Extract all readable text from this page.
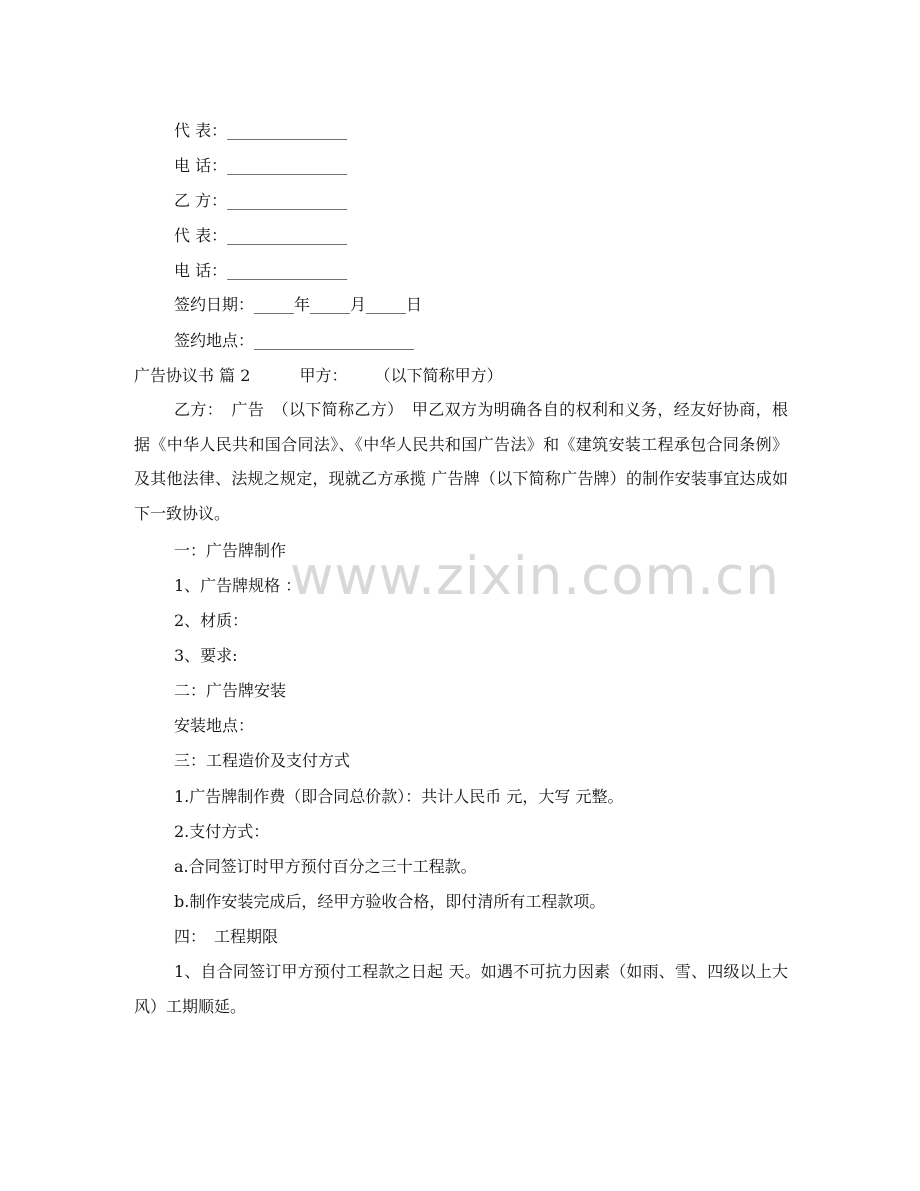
www.zixin.com.cn
代 表：_______________
电 话：_______________
乙 方：_______________
代 表：_______________
电 话：_______________
签约日期：_____年_____月_____日
签约地点：____________________
广告协议书 篇 2	甲方： （以下简称甲方）
乙方：　广告　（以下简称乙方）　甲乙双方为明确各自的权利和义务，经友好协商，根据《中华人民共和国合同法》、《中华人民共和国广告法》和《建筑安装工程承包合同条例》及其他法律、法规之规定，现就乙方承揽 广告牌（以下简称广告牌）的制作安装事宜达成如下一致协议。
一：广告牌制作
1、广告牌规格 ：
2、材质：
3、要求:
二：广告牌安装
安装地点：
三：工程造价及支付方式
1.广告牌制作费（即合同总价款）：共计人民币 元，大写 元整。
2.支付方式：
a.合同签订时甲方预付百分之三十工程款。
b.制作安装完成后，经甲方验收合格，即付清所有工程款项。
四：　工程期限
1、自合同签订甲方预付工程款之日起 天。如遇不可抗力因素（如雨、雪、四级以上大风）工期顺延。
